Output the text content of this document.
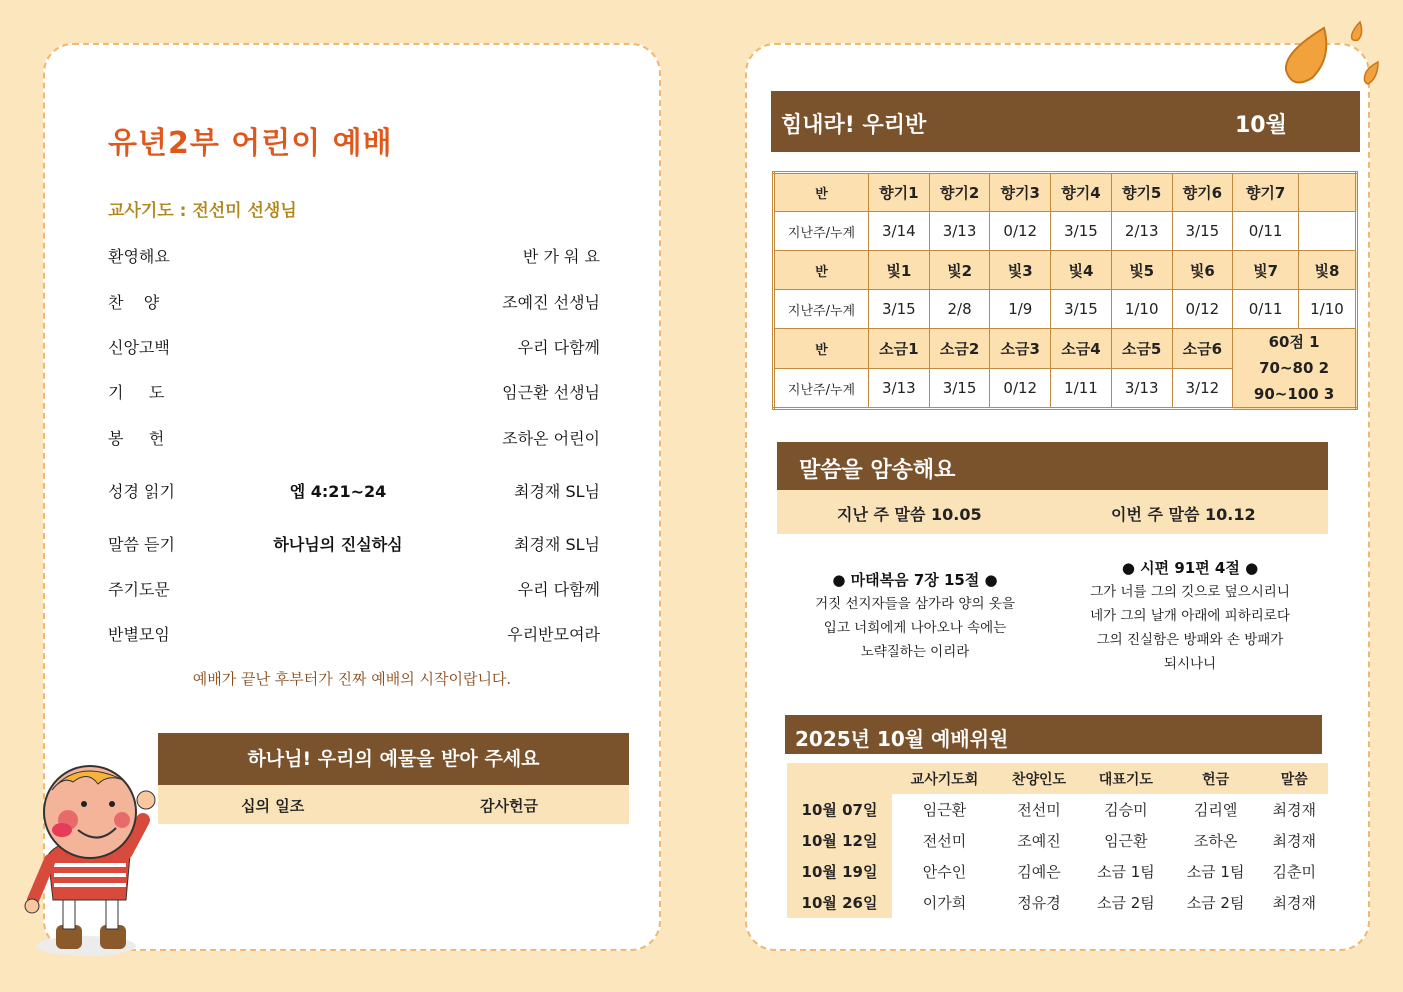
유년2부 어린이 예배
교사기도 : 전선미 선생님
환영해요	반 가 워 요
찬    양	조예진 선생님
신앙고백	우리 다함께
기     도	임근환 선생님
봉     헌	조하온 어린이
성경 읽기	엡 4:21~24	최경재 SL님
말씀 듣기	하나님의 진실하심	최경재 SL님
주기도문	우리 다함께
반별모임	우리반모여라
예배가 끝난 후부터가 진짜 예배의 시작이랍니다.
하나님! 우리의 예물을 받아 주세요
십의 일조	감사헌금
힘내라! 우리반	10월
반	향기1	향기2	향기3	향기4	향기5	향기6	향기7	
지난주/누계	3/14	3/13	0/12	3/15	2/13	3/15	0/11	
반	빛1	빛2	빛3	빛4	빛5	빛6	빛7	빛8
지난주/누계	3/15	2/8	1/9	3/15	1/10	0/12	0/11	1/10
반	소금1	소금2	소금3	소금4	소금5	소금6	60점 1
70~80 2
90~100 3	

지난주/누계	3/13	3/15	0/12	1/11	3/13	3/12		
말씀을 암송해요
지난 주 말씀 10.05	이번 주 말씀 10.12
● 마태복음 7장 15절 ●
거짓 선지자들을 삼가라 양의 옷을
입고 너희에게 나아오나 속에는
노략질하는 이리라
● 시편 91편 4절 ●
그가 너를 그의 깃으로 덮으시리니
네가 그의 날개 아래에 피하리로다
그의 진실함은 방패와 손 방패가
되시나니
2025년 10월 예배위원
	교사기도회	찬양인도	대표기도	헌금	말씀
10월 07일	임근환	전선미	김승미	김리엘	최경재
10월 12일	전선미	조예진	임근환	조하온	최경재
10월 19일	안수인	김예은	소금 1팀	소금 1팀	김춘미
10월 26일	이가희	정유경	소금 2팀	소금 2팀	최경재
